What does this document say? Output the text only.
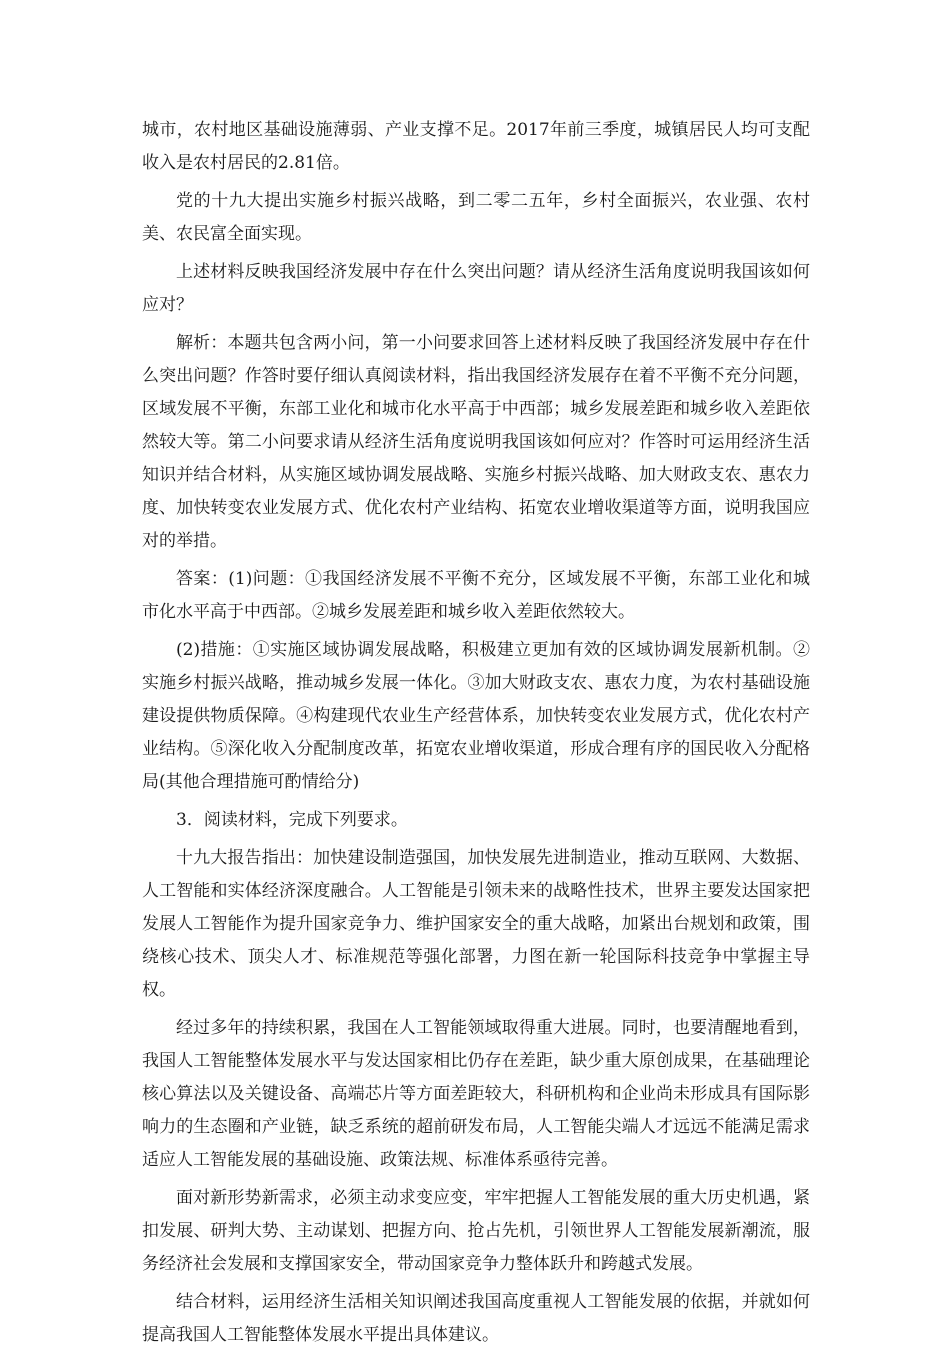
城市，农村地区基础设施薄弱、产业支撑不足。2017年前三季度，城镇居民人均可支配收入是农村居民的2.81倍。

党的十九大提出实施乡村振兴战略，到二零二五年，乡村全面振兴，农业强、农村美、农民富全面实现。

上述材料反映我国经济发展中存在什么突出问题？请从经济生活角度说明我国该如何应对？

解析：本题共包含两小问，第一小问要求回答上述材料反映了我国经济发展中存在什么突出问题？作答时要仔细认真阅读材料，指出我国经济发展存在着不平衡不充分问题，区域发展不平衡，东部工业化和城市化水平高于中西部；城乡发展差距和城乡收入差距依然较大等。第二小问要求请从经济生活角度说明我国该如何应对？作答时可运用经济生活知识并结合材料，从实施区域协调发展战略、实施乡村振兴战略、加大财政支农、惠农力度、加快转变农业发展方式、优化农村产业结构、拓宽农业增收渠道等方面，说明我国应对的举措。

答案：(1)问题：①我国经济发展不平衡不充分，区域发展不平衡，东部工业化和城市化水平高于中西部。②城乡发展差距和城乡收入差距依然较大。

(2)措施：①实施区域协调发展战略，积极建立更加有效的区域协调发展新机制。②实施乡村振兴战略，推动城乡发展一体化。③加大财政支农、惠农力度，为农村基础设施建设提供物质保障。④构建现代农业生产经营体系，加快转变农业发展方式，优化农村产业结构。⑤深化收入分配制度改革，拓宽农业增收渠道，形成合理有序的国民收入分配格局(其他合理措施可酌情给分)

3．阅读材料，完成下列要求。

十九大报告指出：加快建设制造强国，加快发展先进制造业，推动互联网、大数据、人工智能和实体经济深度融合。人工智能是引领未来的战略性技术，世界主要发达国家把发展人工智能作为提升国家竞争力、维护国家安全的重大战略，加紧出台规划和政策，围绕核心技术、顶尖人才、标准规范等强化部署，力图在新一轮国际科技竞争中掌握主导权。

经过多年的持续积累，我国在人工智能领域取得重大进展。同时，也要清醒地看到，我国人工智能整体发展水平与发达国家相比仍存在差距，缺少重大原创成果，在基础理论核心算法以及关键设备、高端芯片等方面差距较大，科研机构和企业尚未形成具有国际影响力的生态圈和产业链，缺乏系统的超前研发布局，人工智能尖端人才远远不能满足需求适应人工智能发展的基础设施、政策法规、标准体系亟待完善。

面对新形势新需求，必须主动求变应变，牢牢把握人工智能发展的重大历史机遇，紧扣发展、研判大势、主动谋划、把握方向、抢占先机，引领世界人工智能发展新潮流，服务经济社会发展和支撑国家安全，带动国家竞争力整体跃升和跨越式发展。

结合材料，运用经济生活相关知识阐述我国高度重视人工智能发展的依据，并就如何提高我国人工智能整体发展水平提出具体建议。
